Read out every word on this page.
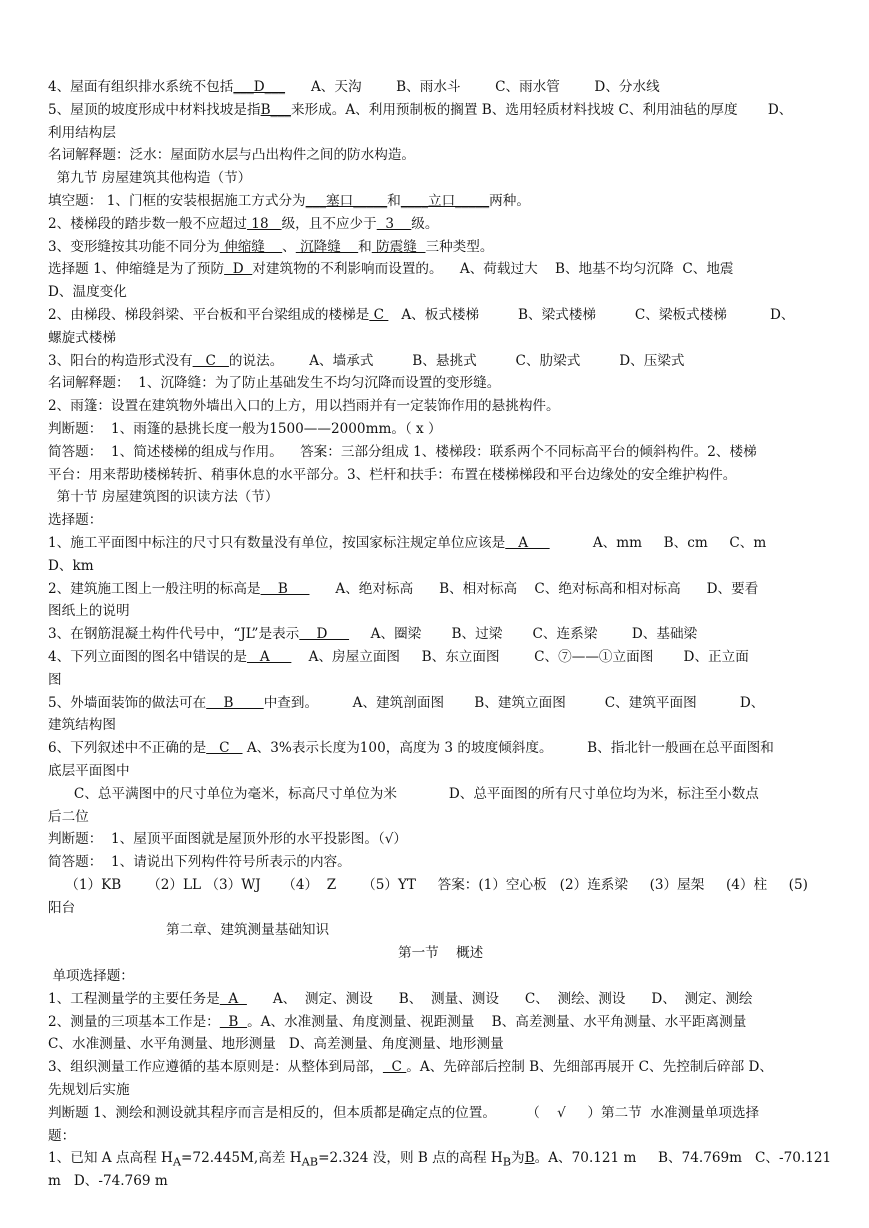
4、屋面有组织排水系统不包括___D___      A、天沟        B、雨水斗        C、雨水管        D、分水线
5、屋顶的坡度形成中材料找坡是指B___来形成。A、利用预制板的搁置 B、选用轻质材料找坡 C、利用油毡的厚度       D、
利用结构层
名词解释题：泛水：屋面防水层与凸出构件之间的防水构造。
第九节 房屋建筑其他构造（节）
填空题： 1、门框的安装根据施工方式分为___塞口_____和____立口_____两种。
2、楼梯段的踏步数一般不应超过 18   级，且不应少于  3    级。
3、变形缝按其功能不同分为 伸缩缝    、 沉降缝    和 防震缝  三种类型。
选择题 1、伸缩缝是为了预防  D  对建筑物的不利影响而设置的。    A、荷载过大    B、地基不均匀沉降  C、地震
D、温度变化
2、由梯段、梯段斜梁、平台板和平台梁组成的楼梯是 C    A、板式楼梯         B、梁式楼梯         C、梁板式楼梯          D、
螺旋式楼梯
3、阳台的构造形式没有   C   的说法。      A、墙承式         B、悬挑式         C、肋梁式         D、压梁式
名词解释题：  1、沉降缝：为了防止基础发生不均匀沉降而设置的变形缝。
2、雨篷：设置在建筑物外墙出入口的上方，用以挡雨并有一定装饰作用的悬挑构件。
判断题：  1、雨篷的悬挑长度一般为1500——2000mm。（ x ）
简答题：  1、简述楼梯的组成与作用。    答案：三部分组成 1、楼梯段：联系两个不同标高平台的倾斜构件。2、楼梯
平台：用来帮助楼梯转折、稍事休息的水平部分。3、栏杆和扶手：布置在楼梯梯段和平台边缘处的安全维护构件。
第十节 房屋建筑图的识读方法（节）
选择题：
1、施工平面图中标注的尺寸只有数量没有单位，按国家标注规定单位应该是   A               A、mm     B、cm     C、m
D、km
2、建筑施工图上一般注明的标高是    B           A、绝对标高      B、相对标高    C、绝对标高和相对标高      D、要看
图纸上的说明
3、在钢筋混凝土构件代号中，“JL”是表示    D          A、圈梁       B、过梁       C、连系梁        D、基础梁
4、下列立面图的图名中错误的是   A         A、房屋立面图     B、东立面图        C、⑦——①立面图       D、正立面
图
5、外墙面装饰的做法可在    B       中查到。        A、建筑剖面图       B、建筑立面图         C、建筑平面图          D、
建筑结构图
6、下列叙述中不正确的是   C    A、3%表示长度为100，高度为 3 的坡度倾斜度。        B、指北针一般画在总平面图和
底层平面图中
C、总平满图中的尺寸单位为毫米，标高尺寸单位为米            D、总平面图的所有尺寸单位均为米，标注至小数点
后二位
判断题：  1、屋顶平面图就是屋顶外形的水平投影图。（√）
简答题：  1、请说出下列构件符号所表示的内容。
（1）KB      （2）LL （3）WJ     （4）  Z      （5）YT     答案：(1）空心板   (2）连系梁     (3）屋架     (4）柱     (5)
阳台
第二章、建筑测量基础知识
第一节    概述
单项选择题：
1、工程测量学的主要任务是  A        A、  测定、测设      B、  测量、测设      C、  测绘、测设      D、  测定、测绘
2、测量的三项基本工作是：  B  。A、水准测量、角度测量、视距测量    B、高差测量、水平角测量、水平距离测量
C、水准测量、水平角测量、地形测量   D、高差测量、角度测量、地形测量
3、组织测量工作应遵循的基本原则是：从整体到局部，  C 。A、先碎部后控制 B、先细部再展开 C、先控制后碎部 D、
先规划后实施
判断题 1、测绘和测设就其程序而言是相反的，但本质都是确定点的位置。       （    √     ）第二节  水准测量单项选择
题：
1、已知 A 点高程 $H_A=72.445M$,高差 $H_{AB}=2.324$ 没，则 B 点的高程 $H_B$为B。A、70.121 m     B、74.769m   C、-70.121
m   D、-74.769 m
